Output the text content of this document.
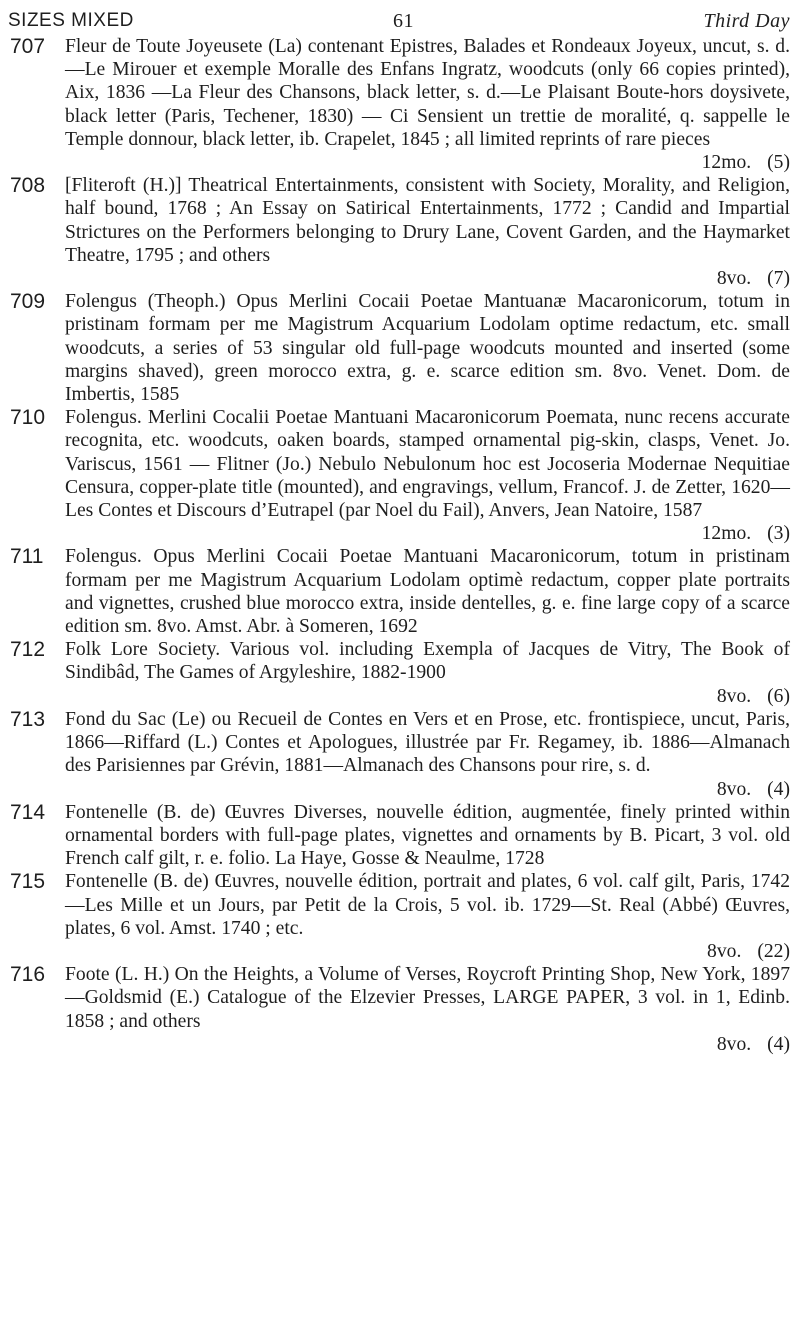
SIZES MIXED	61	Third Day
707 Fleur de Toute Joyeusete (La) contenant Epistres, Balades et Rondeaux Joyeux, uncut, s. d.—Le Mirouer et exemple Moralle des Enfans Ingratz, woodcuts (only 66 copies printed), Aix, 1836 —La Fleur des Chansons, black letter, s. d.—Le Plaisant Boute-hors doysivete, black letter (Paris, Techener, 1830) — Ci Sensient un trettie de moralité, q. sappelle le Temple donnour, black letter, ib. Crapelet, 1845 ; all limited reprints of rare pieces
12mo. (5)
708 [Fliteroft (H.)] Theatrical Entertainments, consistent with Society, Morality, and Religion, half bound, 1768 ; An Essay on Satirical Entertainments, 1772 ; Candid and Impartial Strictures on the Performers belonging to Drury Lane, Covent Garden, and the Haymarket Theatre, 1795 ; and others
8vo. (7)
709 Folengus (Theoph.) Opus Merlini Cocaii Poetae Mantuanæ Macaronicorum, totum in pristinam formam per me Magistrum Acquarium Lodolam optime redactum, etc. small woodcuts, a series of 53 singular old full-page woodcuts mounted and inserted (some margins shaved), green morocco extra, g. e. scarce edition sm. 8vo. Venet. Dom. de Imbertis, 1585
710 Folengus. Merlini Cocalii Poetae Mantuani Macaronicorum Poemata, nunc recens accurate recognita, etc. woodcuts, oaken boards, stamped ornamental pig-skin, clasps, Venet. Jo. Variscus, 1561 — Flitner (Jo.) Nebulo Nebulonum hoc est Jocoseria Modernae Nequitiae Censura, copper-plate title (mounted), and engravings, vellum, Francof. J. de Zetter, 1620—Les Contes et Discours d’Eutrapel (par Noel du Fail), Anvers, Jean Natoire, 1587
12mo. (3)
711 Folengus. Opus Merlini Cocaii Poetae Mantuani Macaronicorum, totum in pristinam formam per me Magistrum Acquarium Lodolam optimè redactum, copper plate portraits and vignettes, crushed blue morocco extra, inside dentelles, g. e. fine large copy of a scarce edition sm. 8vo. Amst. Abr. à Someren, 1692
712 Folk Lore Society. Various vol. including Exempla of Jacques de Vitry, The Book of Sindibâd, The Games of Argyleshire, 1882-1900
8vo. (6)
713 Fond du Sac (Le) ou Recueil de Contes en Vers et en Prose, etc. frontispiece, uncut, Paris, 1866—Riffard (L.) Contes et Apologues, illustrée par Fr. Regamey, ib. 1886—Almanach des Parisiennes par Grévin, 1881—Almanach des Chansons pour rire, s. d.
8vo. (4)
714 Fontenelle (B. de) Œuvres Diverses, nouvelle édition, augmentée, finely printed within ornamental borders with full-page plates, vignettes and ornaments by B. Picart, 3 vol. old French calf gilt, r. e. folio. La Haye, Gosse & Neaulme, 1728
715 Fontenelle (B. de) Œuvres, nouvelle édition, portrait and plates, 6 vol. calf gilt, Paris, 1742—Les Mille et un Jours, par Petit de la Crois, 5 vol. ib. 1729—St. Real (Abbé) Œuvres, plates, 6 vol. Amst. 1740 ; etc.
8vo. (22)
716 Foote (L. H.) On the Heights, a Volume of Verses, Roycroft Printing Shop, New York, 1897—Goldsmid (E.) Catalogue of the Elzevier Presses, LARGE PAPER, 3 vol. in 1, Edinb. 1858 ; and others
8vo. (4)
